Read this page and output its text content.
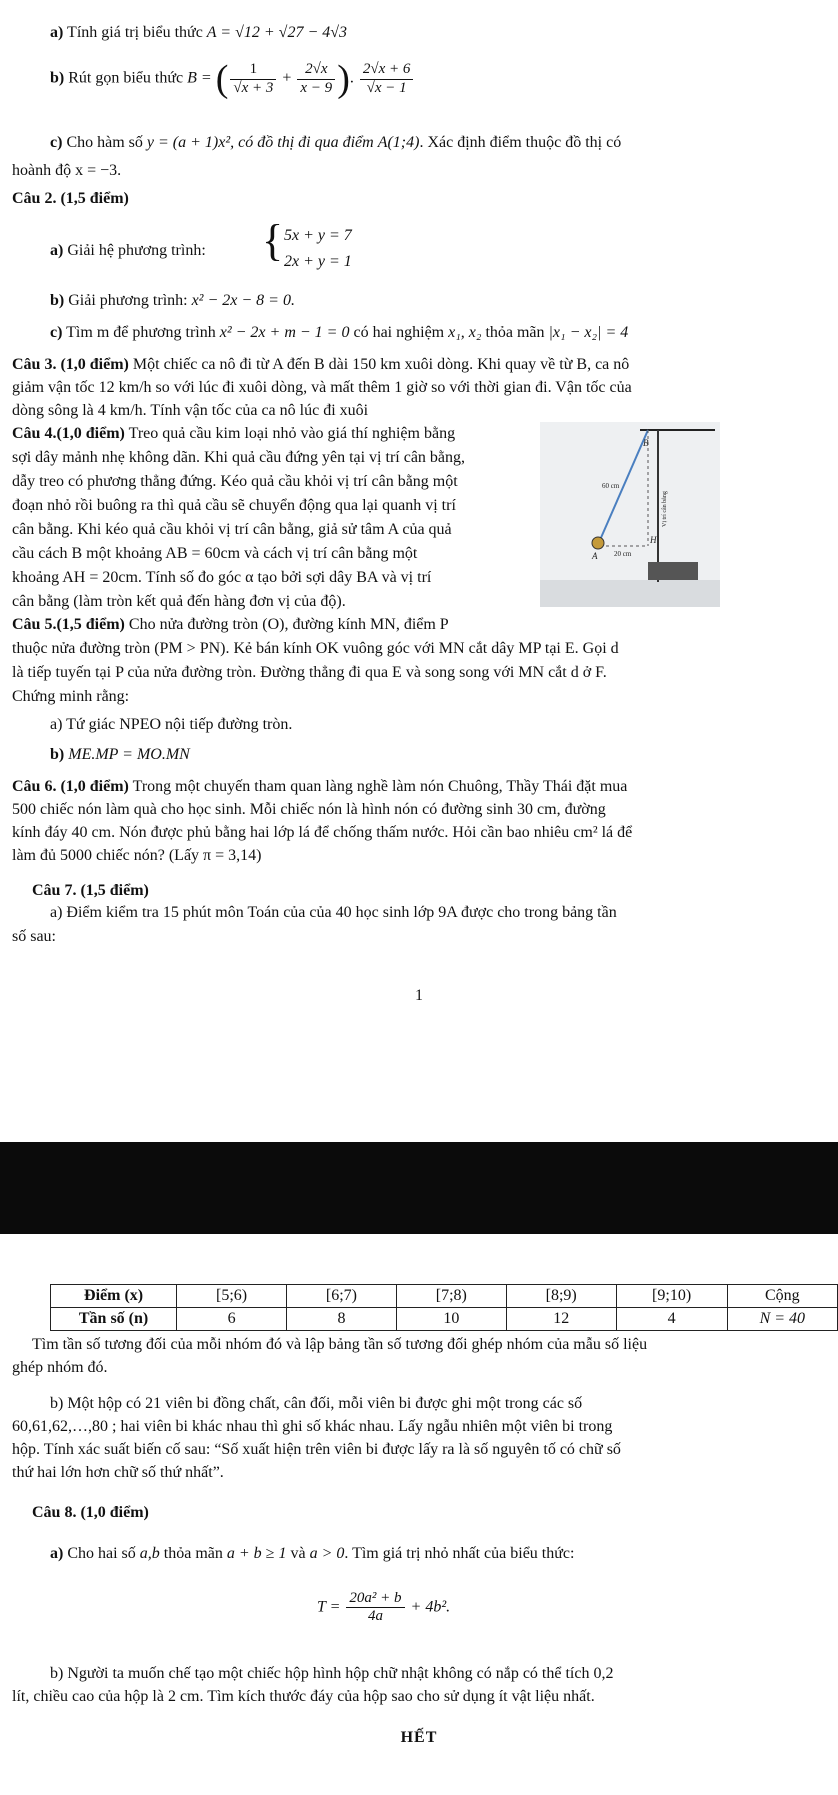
a) Tính giá trị biểu thức A = √12 + √27 − 4√3
b) Rút gọn biểu thức B = ( $\frac{1}{√x + 3} + \frac{2√x}{x - 9}$ ). $\frac{2√x + 6}{√x - 1}$
c) Cho hàm số y = (a + 1)x², có đồ thị đi qua điểm A(1;4). Xác định điểm thuộc đồ thị có
hoành độ x = −3.
Câu 2. (1,5 điểm)
a) Giải hệ phương trình: { 5x + y = 7
2x + y = 1
b) Giải phương trình: x² − 2x − 8 = 0.
c) Tìm m để phương trình x² − 2x + m − 1 = 0 có hai nghiệm x₁, x₂ thỏa mãn |x₁ − x₂| = 4
Câu 3. (1,0 điểm) Một chiếc ca nô đi từ A đến B dài 150 km xuôi dòng. Khi quay về từ B, ca nô
giảm vận tốc 12 km/h so với lúc đi xuôi dòng, và mất thêm 1 giờ so với thời gian đi. Vận tốc của
dòng sông là 4 km/h. Tính vận tốc của ca nô lúc đi xuôi
Câu 4.(1,0 điểm) Treo quả cầu kim loại nhỏ vào giá thí nghiệm bằng
sợi dây mảnh nhẹ không dãn. Khi quả cầu đứng yên tại vị trí cân bằng,
dẫy treo có phương thẳng đứng. Kéo quả cầu khỏi vị trí cân bằng một
đoạn nhỏ rồi buông ra thì quả cầu sẽ chuyển động qua lại quanh vị trí
cân bằng. Khi kéo quả cầu khỏi vị trí cân bằng, giả sử tâm A của quả
cầu cách B một khoảng AB = 60cm và cách vị trí cân bằng một
khoảng AH = 20cm. Tính số đo góc α tạo bởi sợi dây BA và vị trí
cân bằng (làm tròn kết quả đến hàng đơn vị của độ).
B
A
H
60 cm
20 cm
Vị trí cân bằng
Câu 5.(1,5 điểm) Cho nửa đường tròn (O), đường kính MN, điểm P
thuộc nửa đường tròn (PM > PN). Kẻ bán kính OK vuông góc với MN cắt dây MP tại E. Gọi d
là tiếp tuyến tại P của nửa đường tròn. Đường thẳng đi qua E và song song với MN cắt d ở F.
Chứng minh rằng:
a) Tứ giác NPEO nội tiếp đường tròn.
b) ME.MP = MO.MN
Câu 6. (1,0 điểm) Trong một chuyến tham quan làng nghề làm nón Chuông, Thầy Thái đặt mua
500 chiếc nón làm quà cho học sinh. Mỗi chiếc nón là hình nón có đường sinh 30 cm, đường
kính đáy 40 cm. Nón được phủ bằng hai lớp lá để chống thấm nước. Hỏi cần bao nhiêu cm² lá để
làm đủ 5000 chiếc nón? (Lấy π = 3,14)
Câu 7. (1,5 điểm)
a) Điểm kiểm tra 15 phút môn Toán của của 40 học sinh lớp 9A được cho trong bảng tần
số sau:
1
Điểm (x)	[5;6)	[6;7)	[7;8)	[8;9)	[9;10)	Cộng
Tần số (n)	6	8	10	12	4	N = 40
Tìm tần số tương đối của mỗi nhóm đó và lập bảng tần số tương đối ghép nhóm của mẫu số liệu
ghép nhóm đó.
b) Một hộp có 21 viên bi đồng chất, cân đối, mỗi viên bi được ghi một trong các số
60,61,62,…,80 ; hai viên bi khác nhau thì ghi số khác nhau. Lấy ngẫu nhiên một viên bi trong
hộp. Tính xác suất biến cố sau: “Số xuất hiện trên viên bi được lấy ra là số nguyên tố có chữ số
thứ hai lớn hơn chữ số thứ nhất”.
Câu 8. (1,0 điểm)
a) Cho hai số a,b thỏa mãn a + b ≥ 1 và a > 0. Tìm giá trị nhỏ nhất của biểu thức:
$T = \frac{\text{20a² + b}}{4a} + 4b^2$.
b) Người ta muốn chế tạo một chiếc hộp hình hộp chữ nhật không có nắp có thể tích 0,2
lít, chiều cao của hộp là 2 cm. Tìm kích thước đáy của hộp sao cho sử dụng ít vật liệu nhất.
HẾT
